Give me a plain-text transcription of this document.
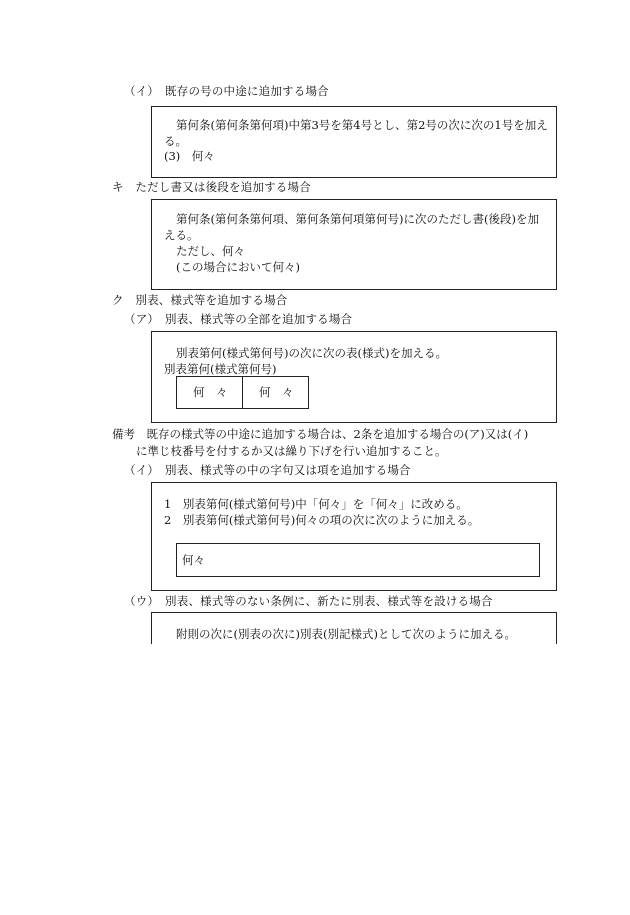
（イ）　既存の号の中途に追加する場合
第何条(第何条第何項)中第3号を第4号とし、第2号の次に次の1号を加え
る。
(3)　何々
キ　ただし書又は後段を追加する場合
第何条(第何条第何項、第何条第何項第何号)に次のただし書(後段)を加
える。
ただし、何々
(この場合において何々)
ク　別表、様式等を追加する場合
（ア）　別表、様式等の全部を追加する場合
別表第何(様式第何号)の次に次の表(様式)を加える。
別表第何(様式第何号)
何　々	何　々
備考　既存の様式等の中途に追加する場合は、2条を追加する場合の(ア)又は(イ)
に準じ枝番号を付するか又は繰り下げを行い追加すること。
（イ）　別表、様式等の中の字句又は項を追加する場合
1　別表第何(様式第何号)中「何々」を「何々」に改める。
2　別表第何(様式第何号)何々の項の次に次のように加える。
何々
（ウ）　別表、様式等のない条例に、新たに別表、様式等を設ける場合
附則の次に(別表の次に)別表(別記様式)として次のように加える。
